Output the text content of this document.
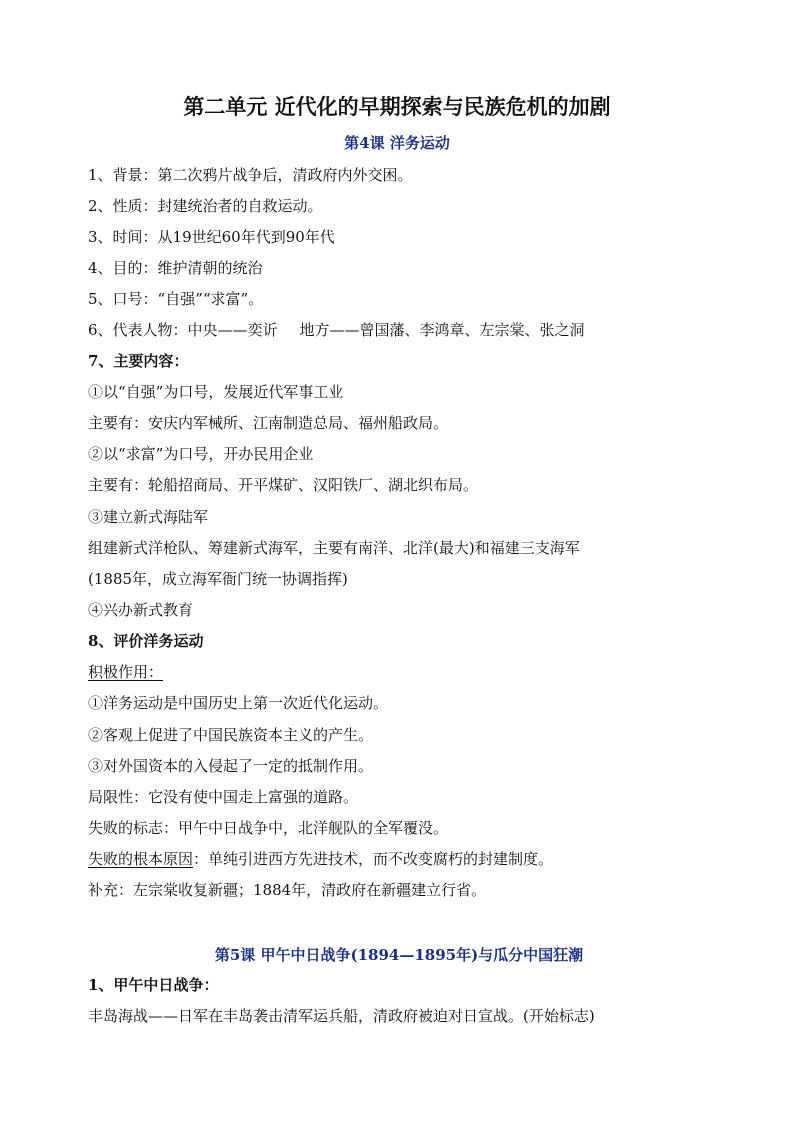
第二单元 近代化的早期探索与民族危机的加剧
第4课 洋务运动
1、背景：第二次鸦片战争后，清政府内外交困。
2、性质：封建统治者的自救运动。
3、时间：从19世纪60年代到90年代
4、目的：维护清朝的统治
5、口号：“自强”“求富”。
6、代表人物：中央——奕䜣 地方——曾国藩、李鸿章、左宗棠、张之洞
7、主要内容：
①以“自强”为口号，发展近代军事工业
主要有：安庆内军械所、江南制造总局、福州船政局。
②以“求富”为口号，开办民用企业
主要有：轮船招商局、开平煤矿、汉阳铁厂、湖北织布局。
③建立新式海陆军
组建新式洋枪队、筹建新式海军，主要有南洋、北洋(最大)和福建三支海军
(1885年，成立海军衙门统一协调指挥)
④兴办新式教育
8、评价洋务运动
积极作用：
①洋务运动是中国历史上第一次近代化运动。
②客观上促进了中国民族资本主义的产生。
③对外国资本的入侵起了一定的抵制作用。
局限性：它没有使中国走上富强的道路。
失败的标志：甲午中日战争中，北洋舰队的全军覆没。
失败的根本原因：单纯引进西方先进技术，而不改变腐朽的封建制度。
补充：左宗棠收复新疆；1884年，清政府在新疆建立行省。
第5课 甲午中日战争(1894—1895年)与瓜分中国狂潮
1、甲午中日战争：
丰岛海战——日军在丰岛袭击清军运兵船，清政府被迫对日宣战。(开始标志)
